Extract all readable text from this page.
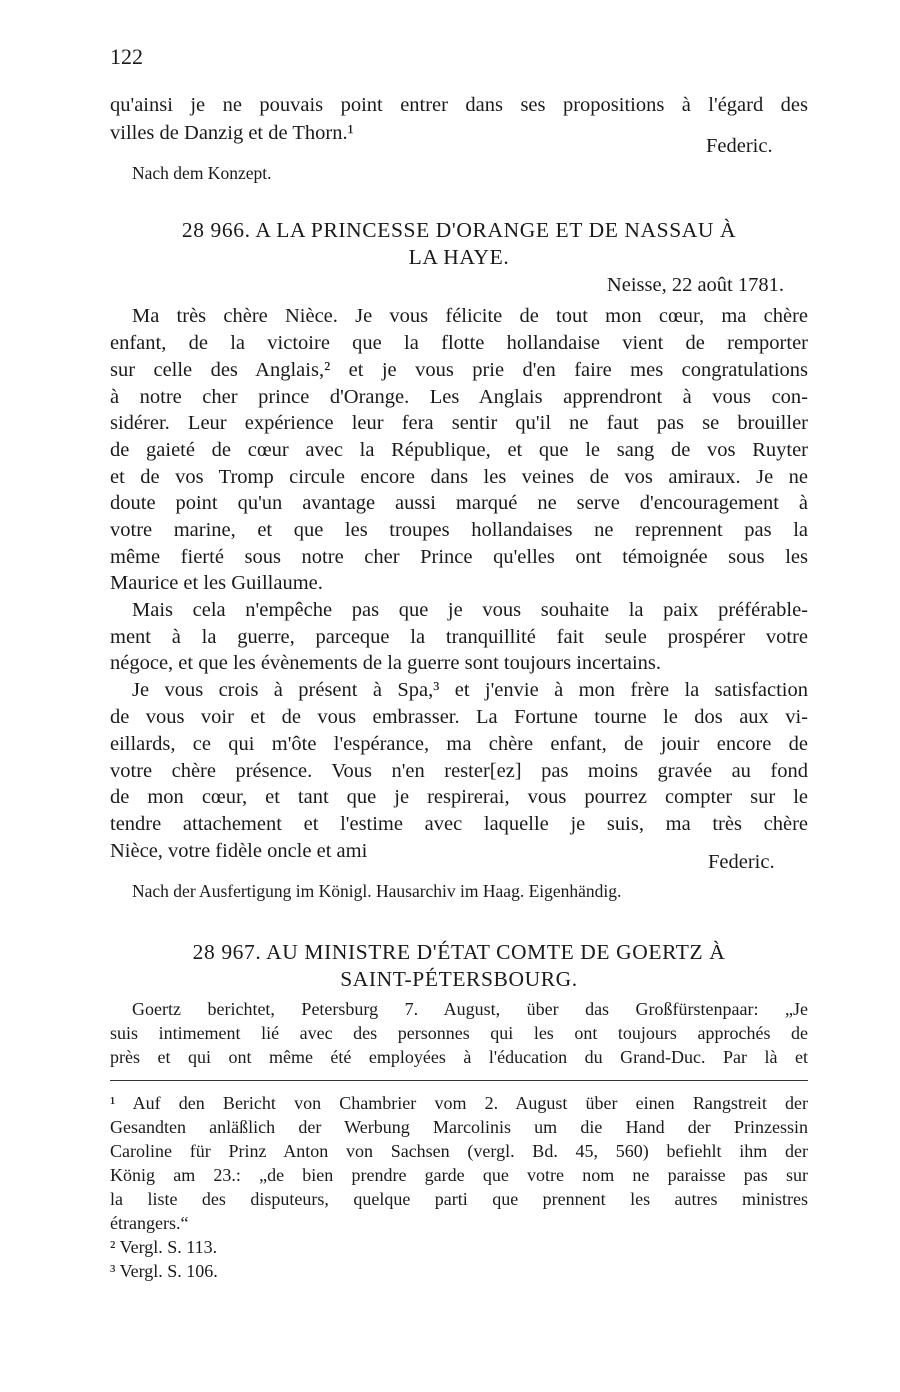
122
qu'ainsi je ne pouvais point entrer dans ses propositions à l'égard des
villes de Danzig et de Thorn.¹
Federic.
Nach dem Konzept.
28 966. A LA PRINCESSE D'ORANGE ET DE NASSAU À
LA HAYE.
Neisse, 22 août 1781.
Ma très chère Nièce. Je vous félicite de tout mon cœur, ma chère
enfant, de la victoire que la flotte hollandaise vient de remporter
sur celle des Anglais,² et je vous prie d'en faire mes congratulations
à notre cher prince d'Orange. Les Anglais apprendront à vous con-
sidérer. Leur expérience leur fera sentir qu'il ne faut pas se brouiller
de gaieté de cœur avec la République, et que le sang de vos Ruyter
et de vos Tromp circule encore dans les veines de vos amiraux. Je ne
doute point qu'un avantage aussi marqué ne serve d'encouragement à
votre marine, et que les troupes hollandaises ne reprennent pas la
même fierté sous notre cher Prince qu'elles ont témoignée sous les
Maurice et les Guillaume.
Mais cela n'empêche pas que je vous souhaite la paix préférable-
ment à la guerre, parceque la tranquillité fait seule prospérer votre
négoce, et que les évènements de la guerre sont toujours incertains.
Je vous crois à présent à Spa,³ et j'envie à mon frère la satisfaction
de vous voir et de vous embrasser. La Fortune tourne le dos aux vi-
eillards, ce qui m'ôte l'espérance, ma chère enfant, de jouir encore de
votre chère présence. Vous n'en rester[ez] pas moins gravée au fond
de mon cœur, et tant que je respirerai, vous pourrez compter sur le
tendre attachement et l'estime avec laquelle je suis, ma très chère
Nièce, votre fidèle oncle et ami	Federic.
Nach der Ausfertigung im Königl. Hausarchiv im Haag. Eigenhändig.
28 967. AU MINISTRE D'ÉTAT COMTE DE GOERTZ À
SAINT-PÉTERSBOURG.
Goertz berichtet, Petersburg 7. August, über das Großfürstenpaar: „Je
suis intimement lié avec des personnes qui les ont toujours approchés de
près et qui ont même été employées à l'éducation du Grand-Duc. Par là et
¹ Auf den Bericht von Chambrier vom 2. August über einen Rangstreit der
Gesandten anläßlich der Werbung Marcolinis um die Hand der Prinzessin
Caroline für Prinz Anton von Sachsen (vergl. Bd. 45, 560) befiehlt ihm der
König am 23.: „de bien prendre garde que votre nom ne paraisse pas sur
la liste des disputeurs, quelque parti que prennent les autres ministres
étrangers.“
² Vergl. S. 113.
³ Vergl. S. 106.
